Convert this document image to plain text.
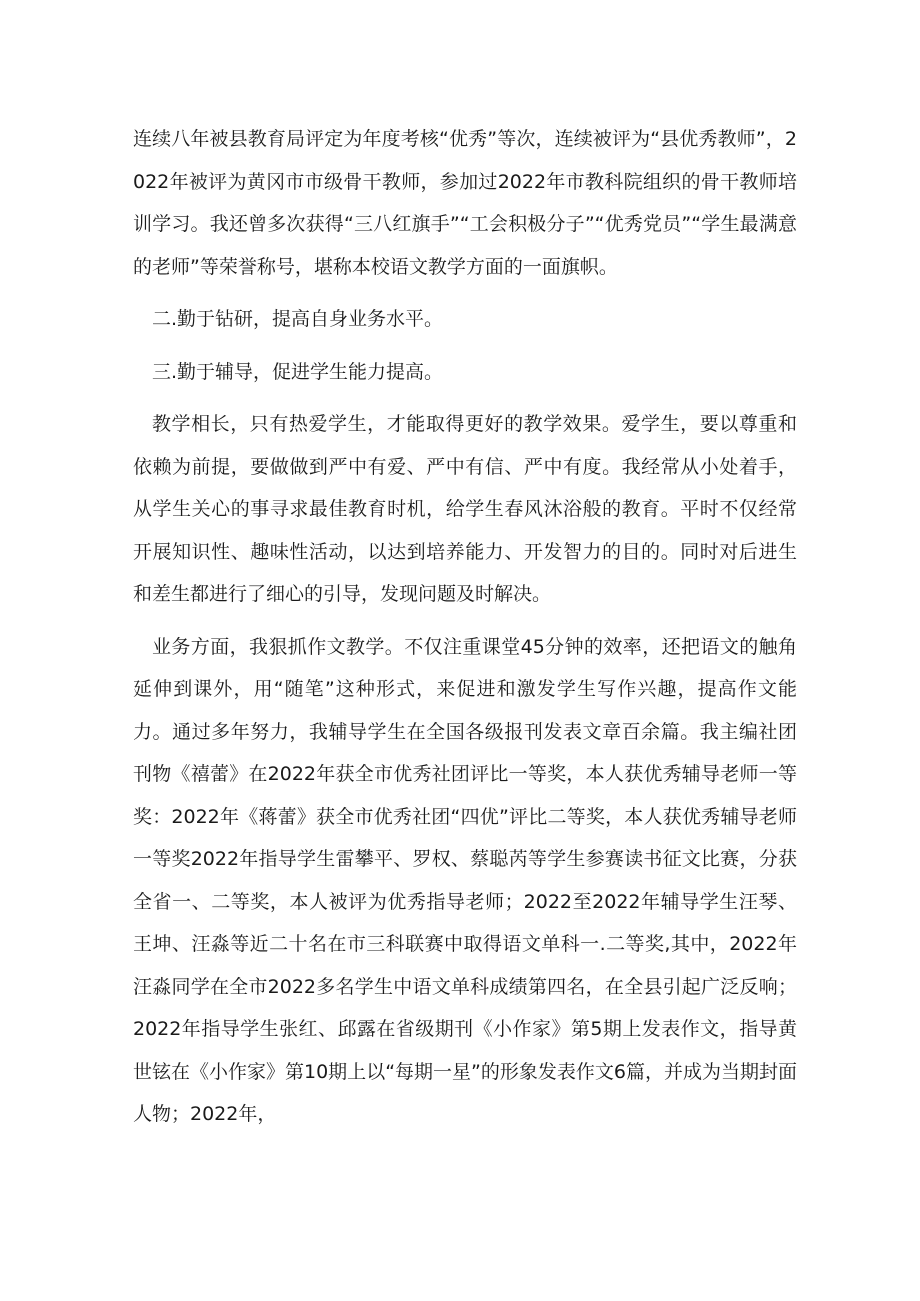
连续八年被县教育局评定为年度考核“优秀”等次，连续被评为“县优秀教师”，2022年被评为黄冈市市级骨干教师，参加过2022年市教科院组织的骨干教师培训学习。我还曾多次获得“三八红旗手”“工会积极分子”“优秀党员”“学生最满意的老师”等荣誉称号，堪称本校语文教学方面的一面旗帜。

二.勤于钻研，提高自身业务水平。

三.勤于辅导，促进学生能力提高。

教学相长，只有热爱学生，才能取得更好的教学效果。爱学生，要以尊重和依赖为前提，要做做到严中有爱、严中有信、严中有度。我经常从小处着手，从学生关心的事寻求最佳教育时机，给学生春风沐浴般的教育。平时不仅经常开展知识性、趣味性活动，以达到培养能力、开发智力的目的。同时对后进生和差生都进行了细心的引导，发现问题及时解决。

业务方面，我狠抓作文教学。不仅注重课堂45分钟的效率，还把语文的触角延伸到课外，用“随笔”这种形式，来促进和激发学生写作兴趣，提高作文能力。通过多年努力，我辅导学生在全国各级报刊发表文章百余篇。我主编社团刊物《禧蕾》在2022年获全市优秀社团评比一等奖，本人获优秀辅导老师一等奖：2022年《蒋蕾》获全市优秀社团“四优”评比二等奖，本人获优秀辅导老师一等奖2022年指导学生雷攀平、罗权、蔡聪芮等学生参赛读书征文比赛，分获全省一、二等奖，本人被评为优秀指导老师；2022至2022年辅导学生汪琴、王坤、汪淼等近二十名在市三科联赛中取得语文单科一.二等奖,其中，2022年汪淼同学在全市2022多名学生中语文单科成绩第四名，在全县引起广泛反响；2022年指导学生张红、邱露在省级期刊《小作家》第5期上发表作文，指导黄世铉在《小作家》第10期上以“每期一星”的形象发表作文6篇，并成为当期封面人物；2022年，
